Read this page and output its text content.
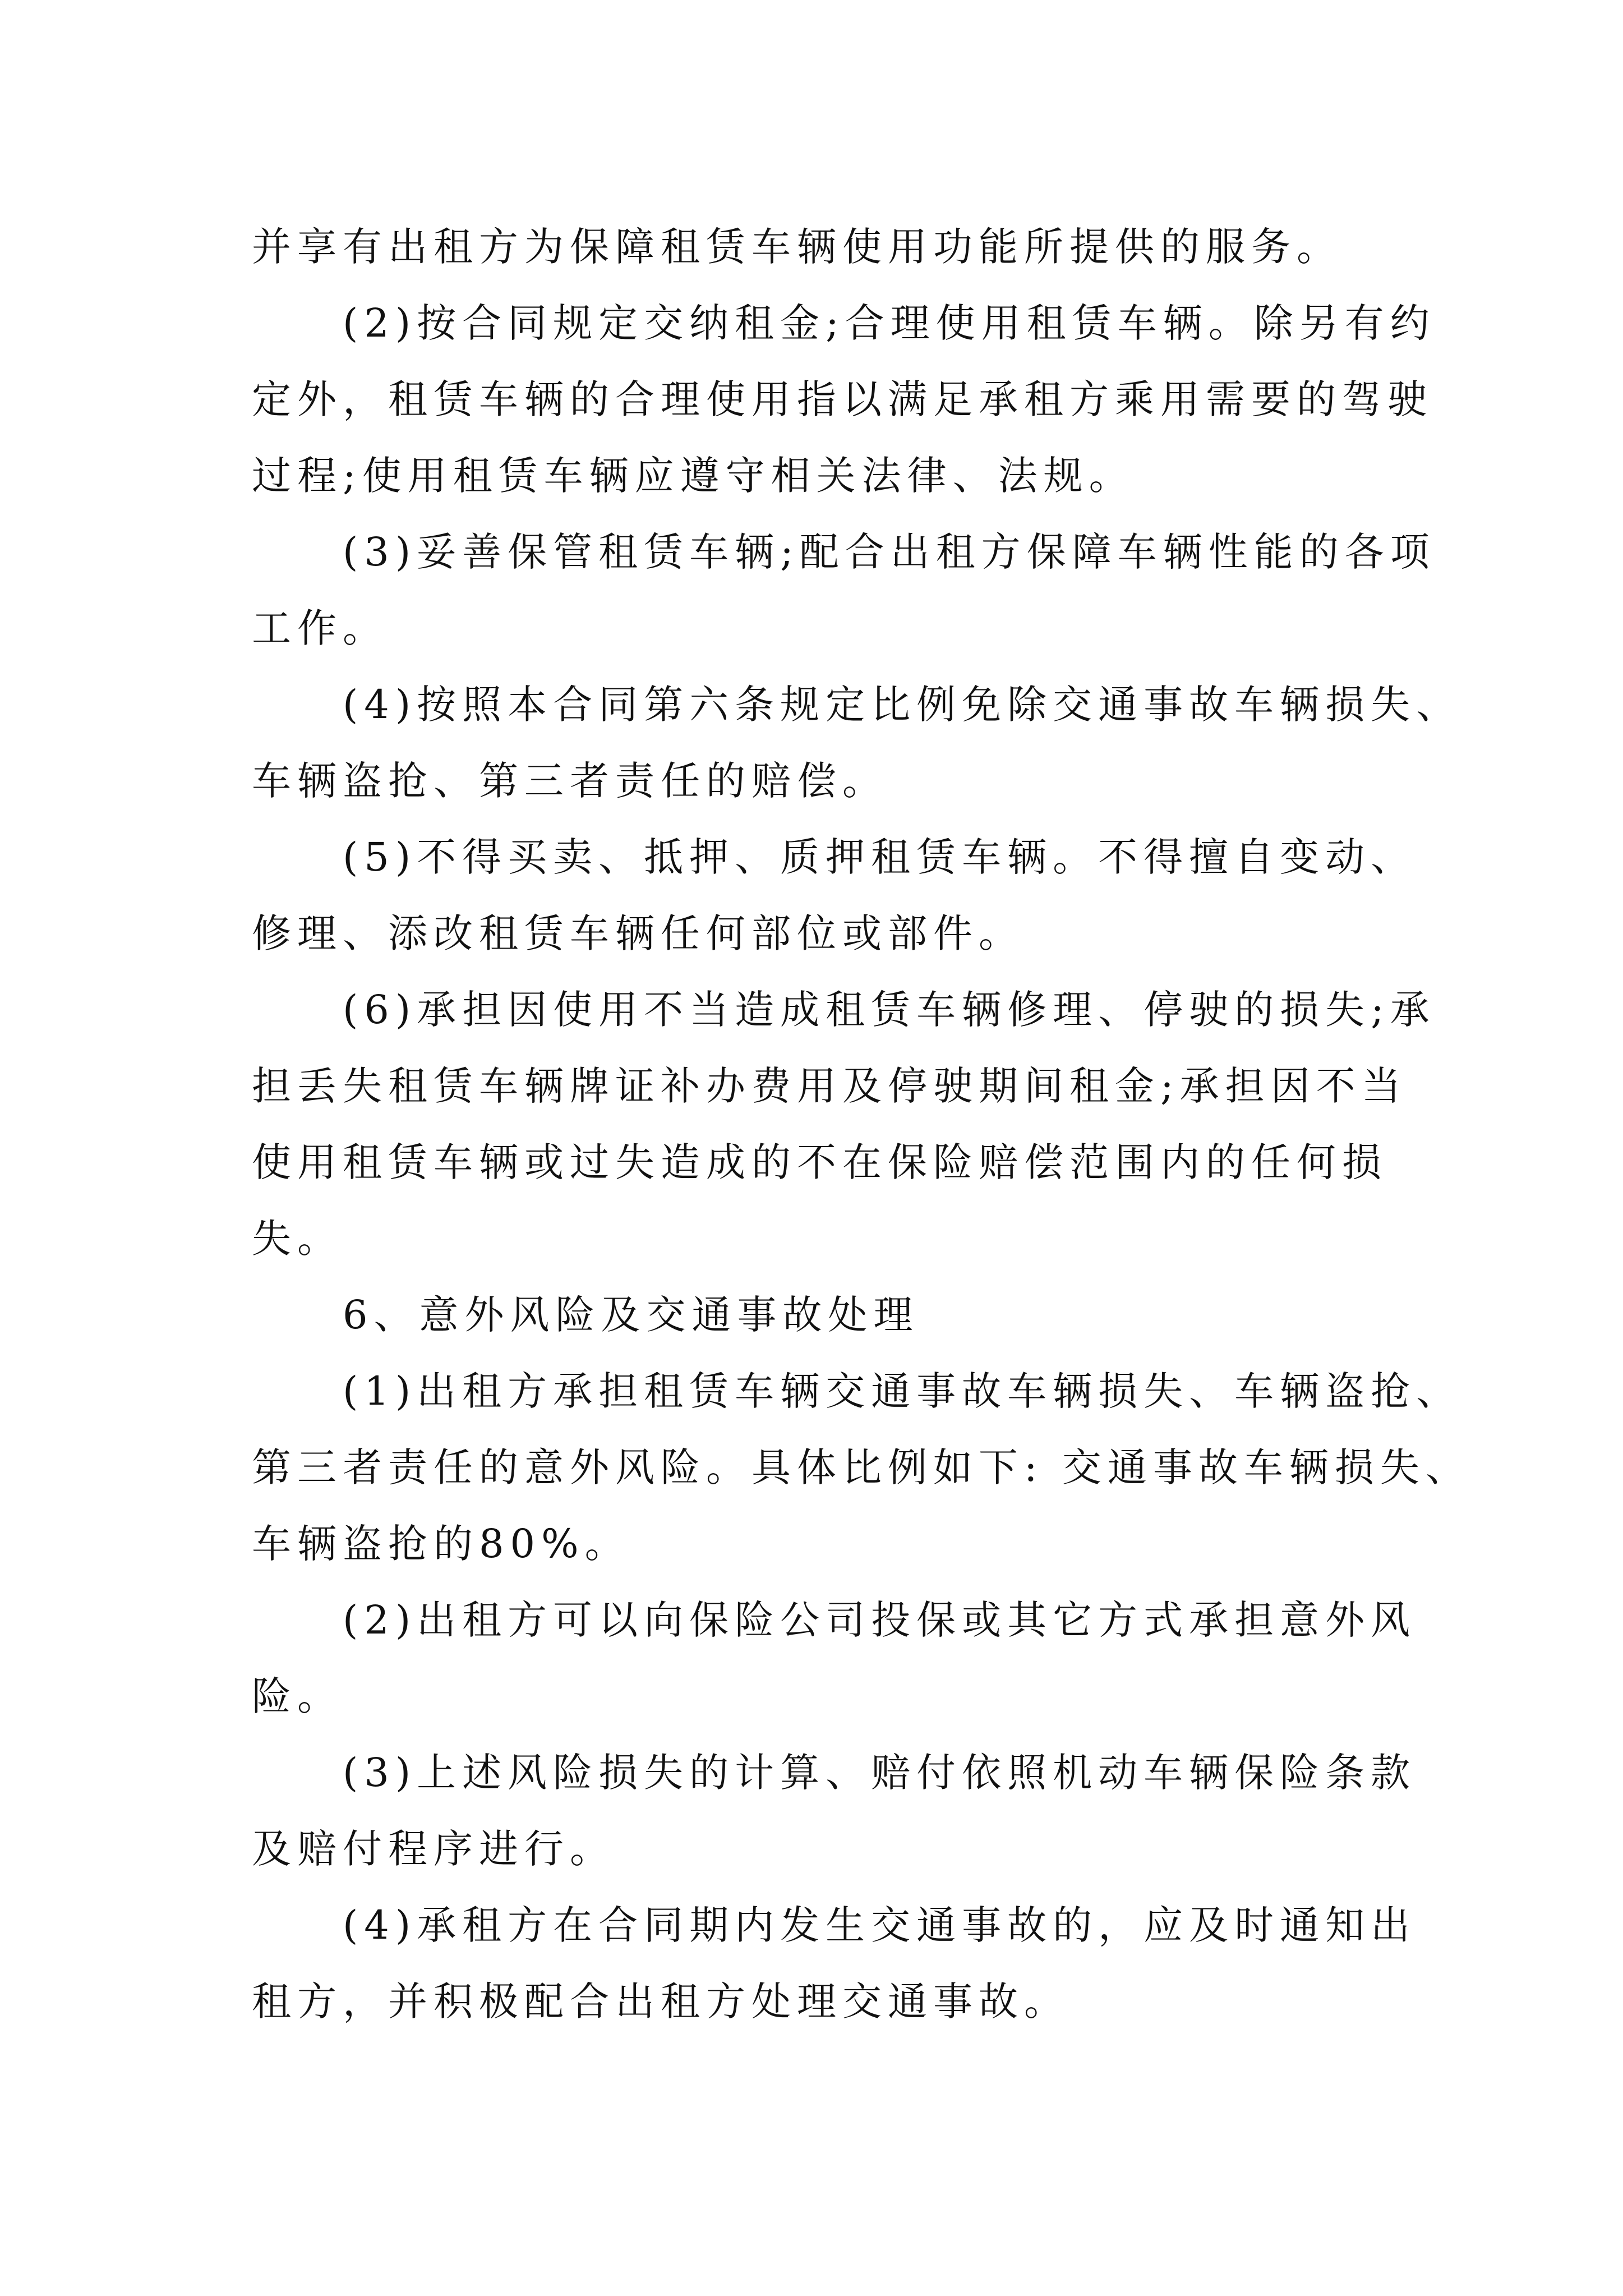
并享有出租方为保障租赁车辆使用功能所提供的服务。
(2)按合同规定交纳租金;合理使用租赁车辆。除另有约
定外，租赁车辆的合理使用指以满足承租方乘用需要的驾驶
过程;使用租赁车辆应遵守相关法律、法规。
(3)妥善保管租赁车辆;配合出租方保障车辆性能的各项
工作。
(4)按照本合同第六条规定比例免除交通事故车辆损失、
车辆盗抢、第三者责任的赔偿。
(5)不得买卖、抵押、质押租赁车辆。不得擅自变动、
修理、添改租赁车辆任何部位或部件。
(6)承担因使用不当造成租赁车辆修理、停驶的损失;承
担丢失租赁车辆牌证补办费用及停驶期间租金;承担因不当
使用租赁车辆或过失造成的不在保险赔偿范围内的任何损
失。
6、意外风险及交通事故处理
(1)出租方承担租赁车辆交通事故车辆损失、车辆盗抢、
第三者责任的意外风险。具体比例如下: 交通事故车辆损失、
车辆盗抢的80%。
(2)出租方可以向保险公司投保或其它方式承担意外风
险。
(3)上述风险损失的计算、赔付依照机动车辆保险条款
及赔付程序进行。
(4)承租方在合同期内发生交通事故的，应及时通知出
租方，并积极配合出租方处理交通事故。
